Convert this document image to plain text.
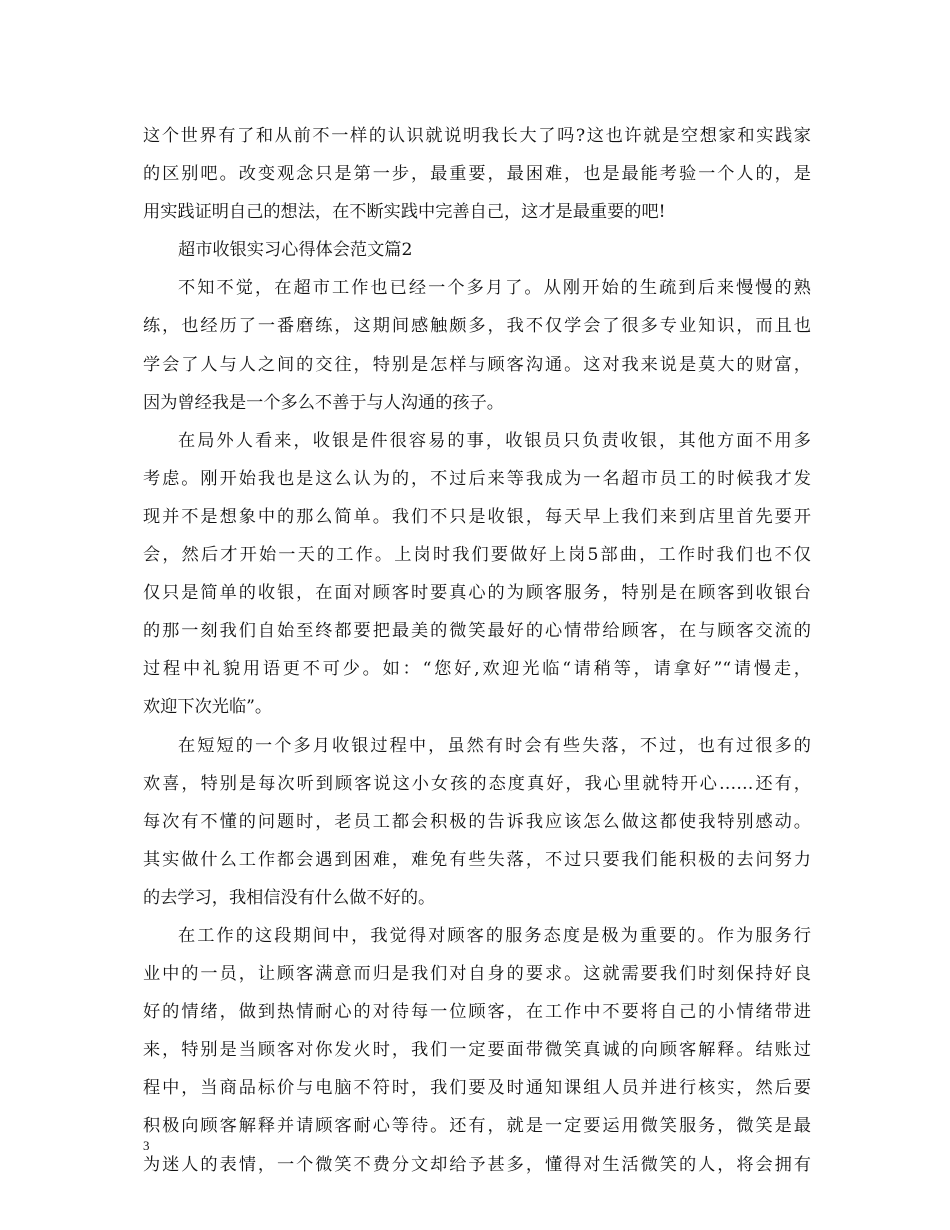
这个世界有了和从前不一样的认识就说明我长大了吗?这也许就是空想家和实践家
的区别吧。改变观念只是第一步，最重要，最困难，也是最能考验一个人的，是
用实践证明自己的想法，在不断实践中完善自己，这才是最重要的吧!
超市收银实习心得体会范文篇2
不知不觉，在超市工作也已经一个多月了。从刚开始的生疏到后来慢慢的熟
练，也经历了一番磨练，这期间感触颇多，我不仅学会了很多专业知识，而且也
学会了人与人之间的交往，特别是怎样与顾客沟通。这对我来说是莫大的财富，
因为曾经我是一个多么不善于与人沟通的孩子。
在局外人看来，收银是件很容易的事，收银员只负责收银，其他方面不用多
考虑。刚开始我也是这么认为的，不过后来等我成为一名超市员工的时候我才发
现并不是想象中的那么简单。我们不只是收银，每天早上我们来到店里首先要开
会，然后才开始一天的工作。上岗时我们要做好上岗5部曲，工作时我们也不仅
仅只是简单的收银，在面对顾客时要真心的为顾客服务，特别是在顾客到收银台
的那一刻我们自始至终都要把最美的微笑最好的心情带给顾客，在与顾客交流的
过程中礼貌用语更不可少。如：“您好,欢迎光临“请稍等，请拿好”“请慢走，
欢迎下次光临”。
在短短的一个多月收银过程中，虽然有时会有些失落，不过，也有过很多的
欢喜，特别是每次听到顾客说这小女孩的态度真好，我心里就特开心……还有，
每次有不懂的问题时，老员工都会积极的告诉我应该怎么做这都使我特别感动。
其实做什么工作都会遇到困难，难免有些失落，不过只要我们能积极的去问努力
的去学习，我相信没有什么做不好的。
在工作的这段期间中，我觉得对顾客的服务态度是极为重要的。作为服务行
业中的一员，让顾客满意而归是我们对自身的要求。这就需要我们时刻保持好良
好的情绪，做到热情耐心的对待每一位顾客，在工作中不要将自己的小情绪带进
来，特别是当顾客对你发火时，我们一定要面带微笑真诚的向顾客解释。结账过
程中，当商品标价与电脑不符时，我们要及时通知课组人员并进行核实，然后要
积极向顾客解释并请顾客耐心等待。还有，就是一定要运用微笑服务，微笑是最
为迷人的表情，一个微笑不费分文却给予甚多，懂得对生活微笑的人，将会拥有
3
